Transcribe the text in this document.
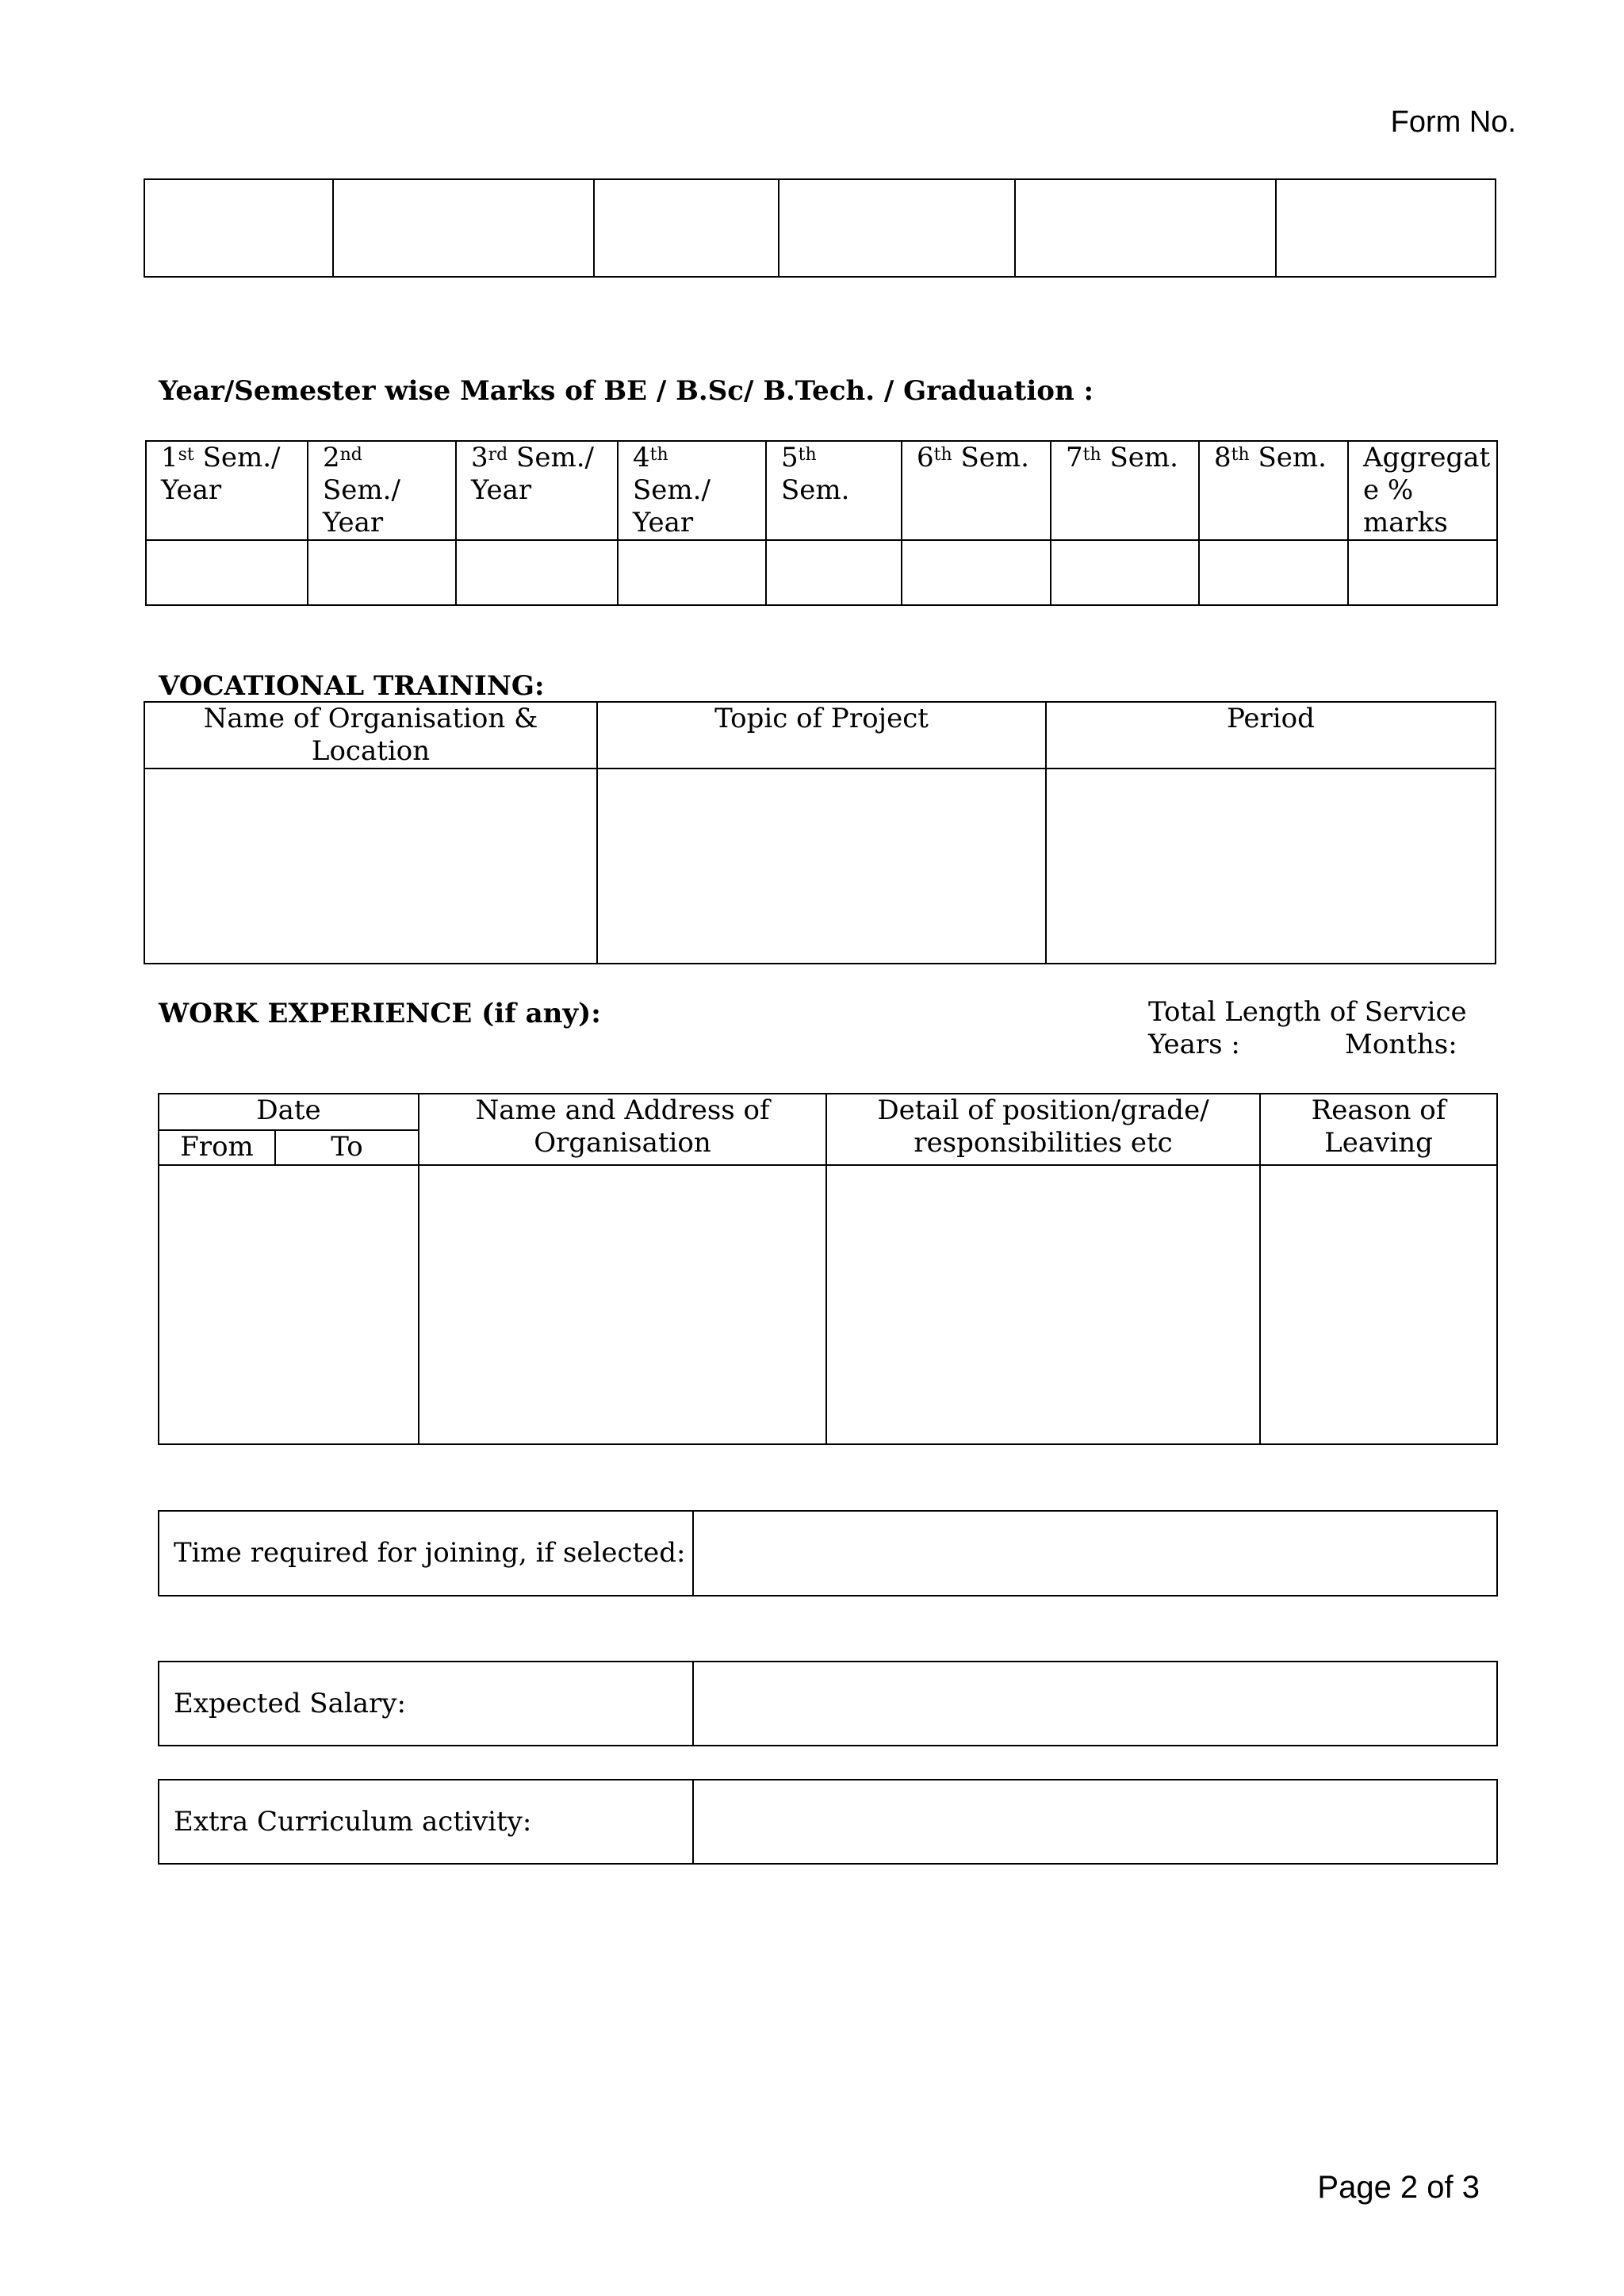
Form No.
Year/Semester wise Marks of BE / B.Sc/ B.Tech. / Graduation :
1st Sem./ Year	2nd Sem./ Year	3rd Sem./ Year	4th Sem./ Year	5th Sem.	6th Sem.	7th Sem.	8th Sem.	Aggregat e % marks

VOCATIONAL TRAINING:
Name of Organisation & Location	Topic of Project	Period

WORK EXPERIENCE (if any):	Total Length of Service
Years :	Months:
Date		Name and Address of Organisation	Detail of position/grade/ responsibilities etc	Reason of Leaving
From	To			

Time required for joining, if selected:	
Expected Salary:	
Extra Curriculum activity:	
Page 2 of 3
